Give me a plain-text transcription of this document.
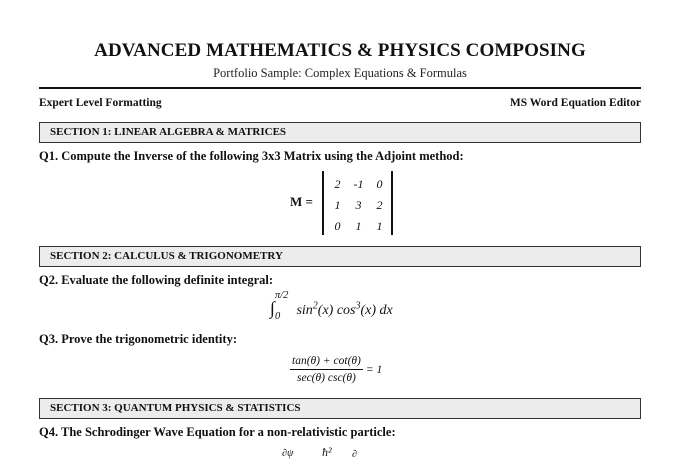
ADVANCED MATHEMATICS & PHYSICS COMPOSING
Portfolio Sample: Complex Equations & Formulas
Expert Level Formatting	MS Word Equation Editor
SECTION 1: LINEAR ALGEBRA & MATRICES
Q1. Compute the Inverse of the following 3x3 Matrix using the Adjoint method:
M =
2	-1	0
1	3	2
0	1	1
SECTION 2: CALCULUS & TRIGONOMETRY
Q2. Evaluate the following definite integral:
∫
π/2
0 $\sin^2(x)$ $\cos^3(x)$ dx
Q3. Prove the trigonometric identity:
$\frac{\tan(\theta) + \cot(\theta)}{\sec(\theta) \csc(\theta)} = 1$
SECTION 3: QUANTUM PHYSICS & STATISTICS
Q4. The Schrodinger Wave Equation for a non-relativistic particle:
∂ψ ħ² ∂
